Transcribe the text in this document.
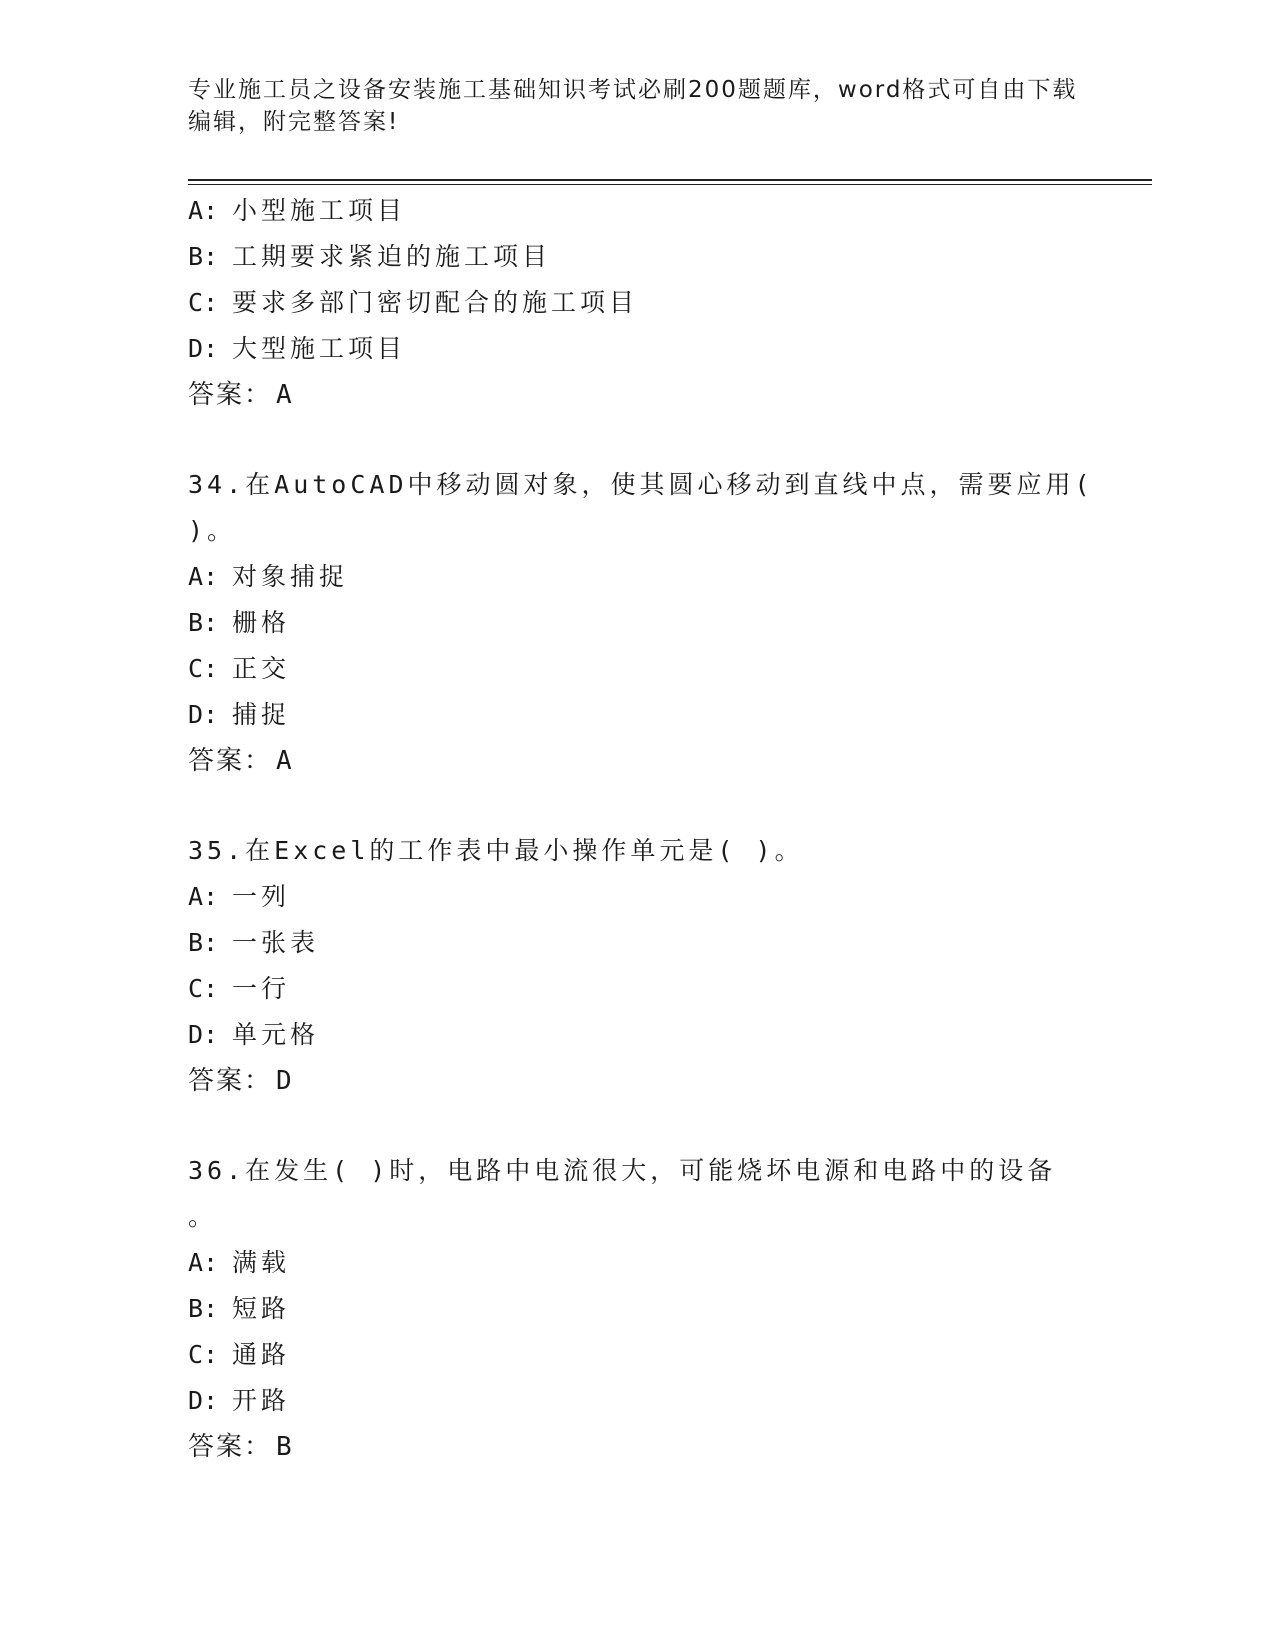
专业施工员之设备安装施工基础知识考试必刷200题题库，word格式可自由下载
编辑，附完整答案!
A: 小型施工项目
B: 工期要求紧迫的施工项目
C: 要求多部门密切配合的施工项目
D: 大型施工项目
答案： A
34.在AutoCAD中移动圆对象，使其圆心移动到直线中点，需要应用(
)。
A: 对象捕捉
B: 栅格
C: 正交
D: 捕捉
答案： A
35.在Excel的工作表中最小操作单元是( )。
A: 一列
B: 一张表
C: 一行
D: 单元格
答案： D
36.在发生( )时，电路中电流很大，可能烧坏电源和电路中的设备
。
A: 满载
B: 短路
C: 通路
D: 开路
答案： B
